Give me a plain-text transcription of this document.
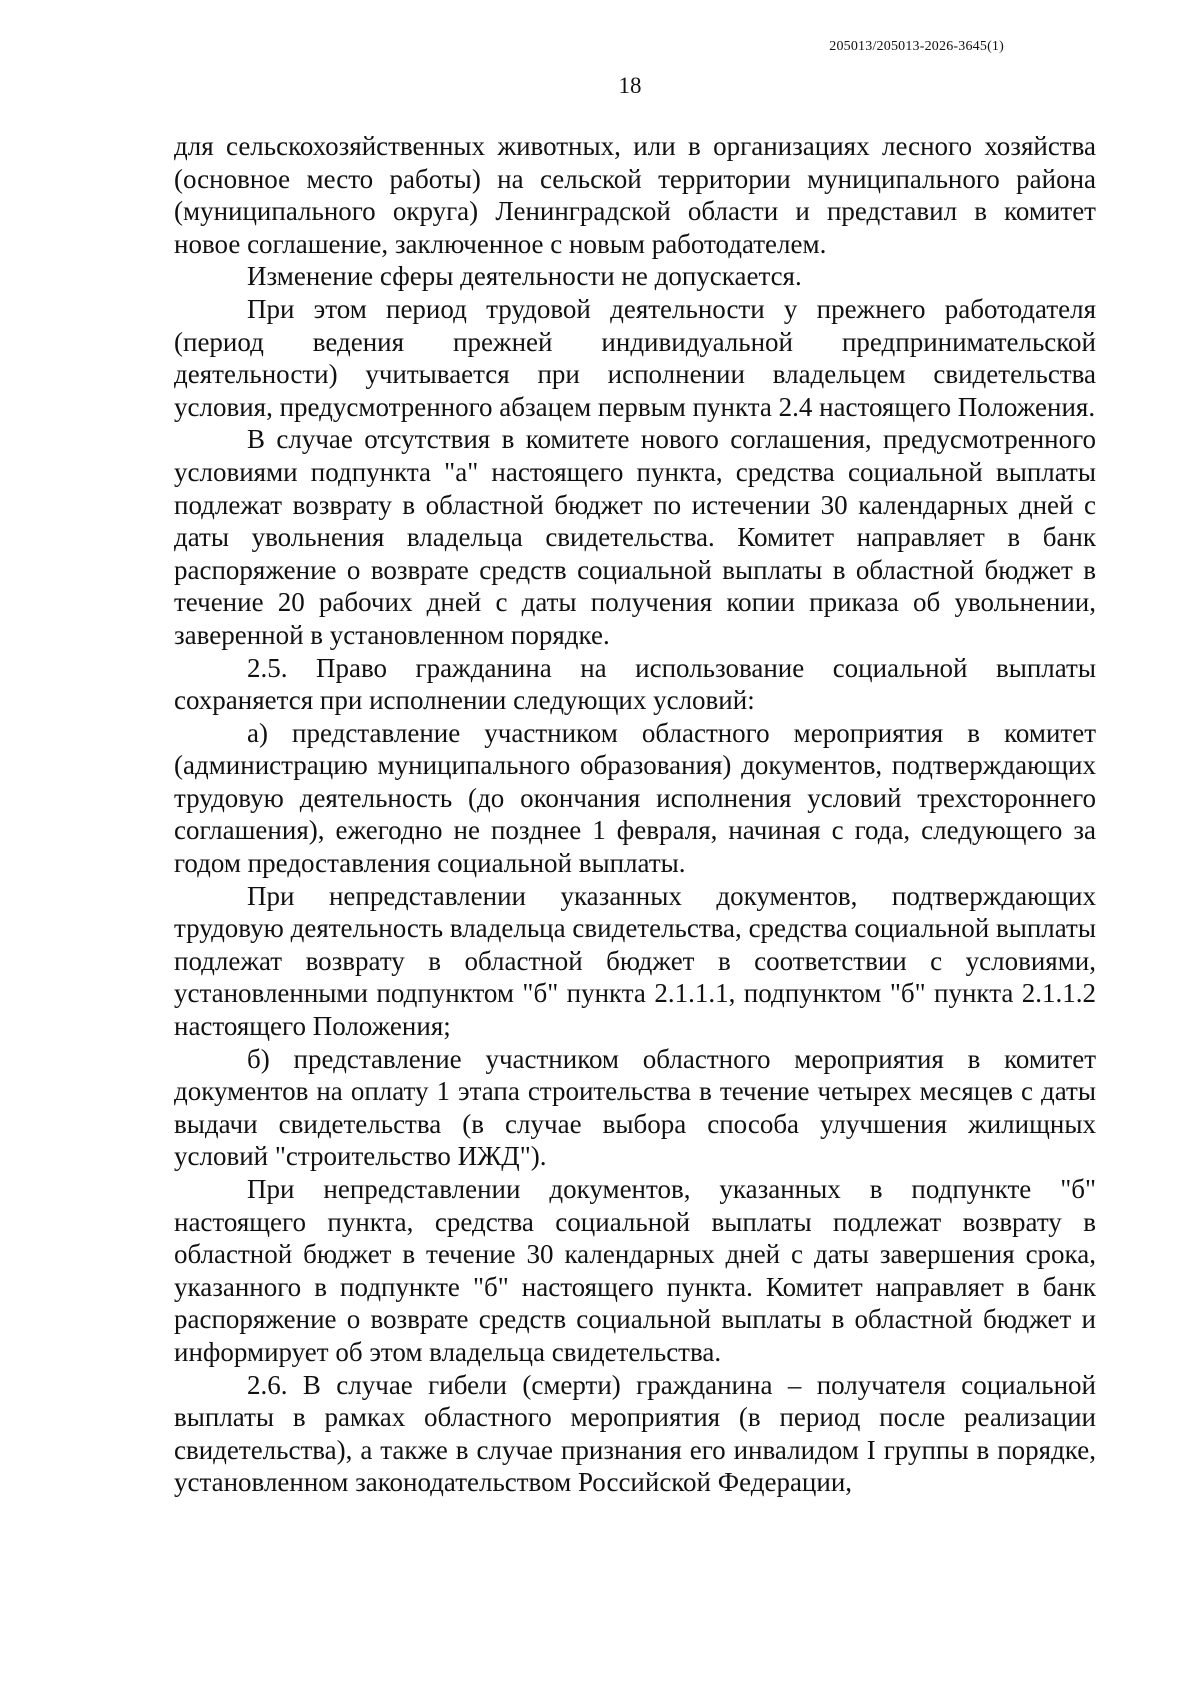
205013/205013-2026-3645(1)
18

для сельскохозяйственных животных, или в организациях лесного хозяйства (основное место работы) на сельской территории муниципального района (муниципального округа) Ленинградской области и представил в комитет новое соглашение, заключенное с новым работодателем.

Изменение сферы деятельности не допускается.

При этом период трудовой деятельности у прежнего работодателя (период ведения прежней индивидуальной предпринимательской деятельности) учитывается при исполнении владельцем свидетельства условия, предусмотренного абзацем первым пункта 2.4 настоящего Положения.

В случае отсутствия в комитете нового соглашения, предусмотренного условиями подпункта "а" настоящего пункта, средства социальной выплаты подлежат возврату в областной бюджет по истечении 30 календарных дней с даты увольнения владельца свидетельства. Комитет направляет в банк распоряжение о возврате средств социальной выплаты в областной бюджет в течение 20 рабочих дней с даты получения копии приказа об увольнении, заверенной в установленном порядке.

2.5. Право гражданина на использование социальной выплаты сохраняется при исполнении следующих условий:

а) представление участником областного мероприятия в комитет (администрацию муниципального образования) документов, подтверждающих трудовую деятельность (до окончания исполнения условий трехстороннего соглашения), ежегодно не позднее 1 февраля, начиная с года, следующего за годом предоставления социальной выплаты.

При непредставлении указанных документов, подтверждающих трудовую деятельность владельца свидетельства, средства социальной выплаты подлежат возврату в областной бюджет в соответствии с условиями, установленными подпунктом "б" пункта 2.1.1.1, подпунктом "б" пункта 2.1.1.2 настоящего Положения;

б) представление участником областного мероприятия в комитет документов на оплату 1 этапа строительства в течение четырех месяцев с даты выдачи свидетельства (в случае выбора способа улучшения жилищных условий "строительство ИЖД").

При непредставлении документов, указанных в подпункте "б" настоящего пункта, средства социальной выплаты подлежат возврату в областной бюджет в течение 30 календарных дней с даты завершения срока, указанного в подпункте "б" настоящего пункта. Комитет направляет в банк распоряжение о возврате средств социальной выплаты в областной бюджет и информирует об этом владельца свидетельства.

2.6. В случае гибели (смерти) гражданина – получателя социальной выплаты в рамках областного мероприятия (в период после реализации свидетельства), а также в случае признания его инвалидом I группы в порядке, установленном законодательством Российской Федерации,
